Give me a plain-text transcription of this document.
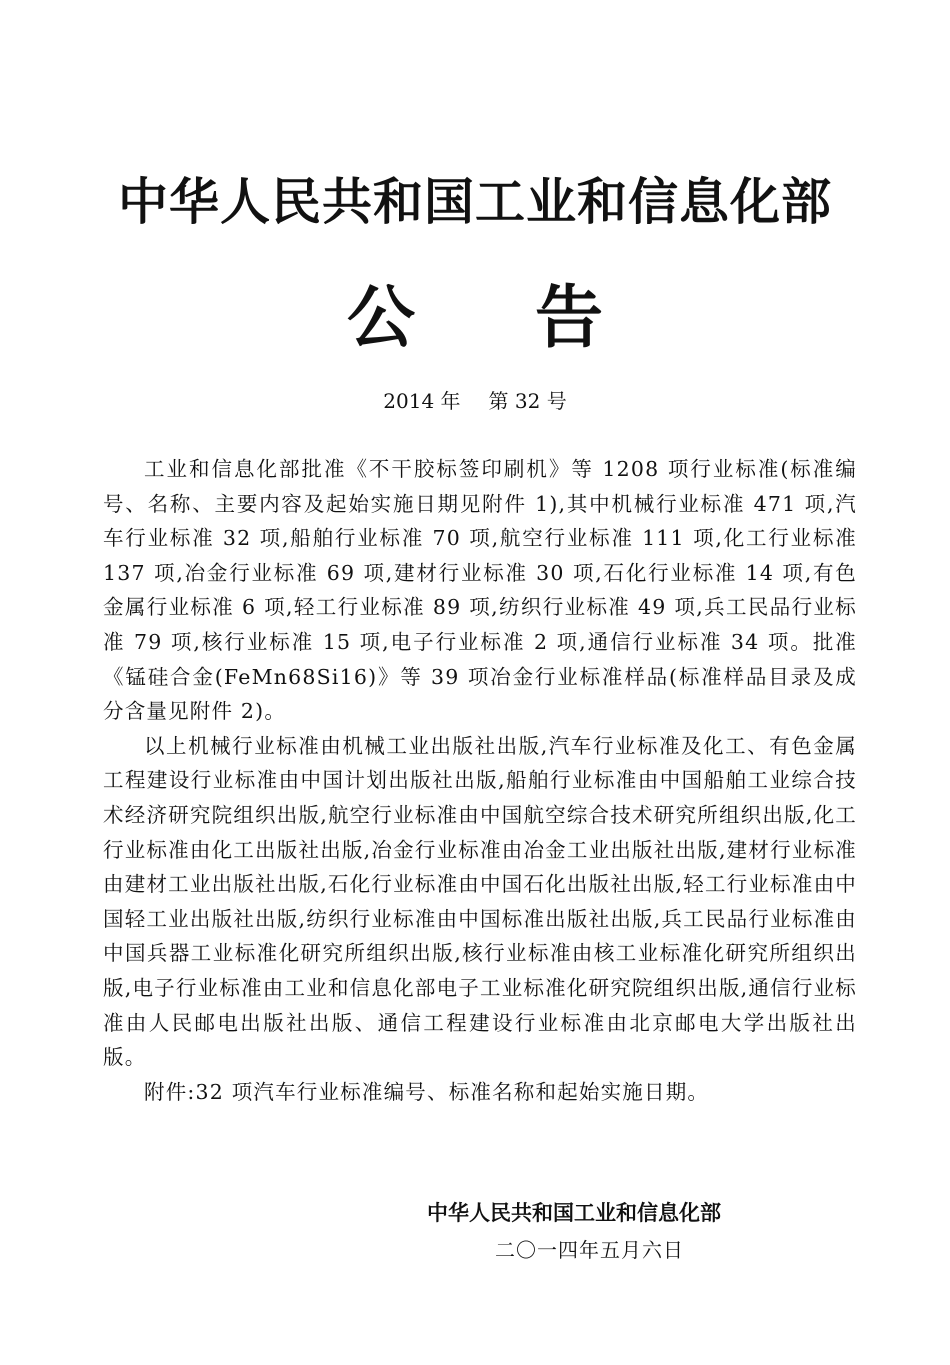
中华人民共和国工业和信息化部
公 告
2014 年 第 32 号

工业和信息化部批准《不干胶标签印刷机》等 1208 项行业标准(标准编号、名称、主要内容及起始实施日期见附件 1),其中机械行业标准 471 项,汽车行业标准 32 项,船舶行业标准 70 项,航空行业标准 111 项,化工行业标准 137 项,冶金行业标准 69 项,建材行业标准 30 项,石化行业标准 14 项,有色金属行业标准 6 项,轻工行业标准 89 项,纺织行业标准 49 项,兵工民品行业标准 79 项,核行业标准 15 项,电子行业标准 2 项,通信行业标准 34 项。批准《锰硅合金(FeMn68Si16)》等 39 项冶金行业标准样品(标准样品目录及成分含量见附件 2)。

以上机械行业标准由机械工业出版社出版,汽车行业标准及化工、有色金属工程建设行业标准由中国计划出版社出版,船舶行业标准由中国船舶工业综合技术经济研究院组织出版,航空行业标准由中国航空综合技术研究所组织出版,化工行业标准由化工出版社出版,冶金行业标准由冶金工业出版社出版,建材行业标准由建材工业出版社出版,石化行业标准由中国石化出版社出版,轻工行业标准由中国轻工业出版社出版,纺织行业标准由中国标准出版社出版,兵工民品行业标准由中国兵器工业标准化研究所组织出版,核行业标准由核工业标准化研究所组织出版,电子行业标准由工业和信息化部电子工业标准化研究院组织出版,通信行业标准由人民邮电出版社出版、通信工程建设行业标准由北京邮电大学出版社出版。

附件:32 项汽车行业标准编号、标准名称和起始实施日期。

中华人民共和国工业和信息化部
二〇一四年五月六日
